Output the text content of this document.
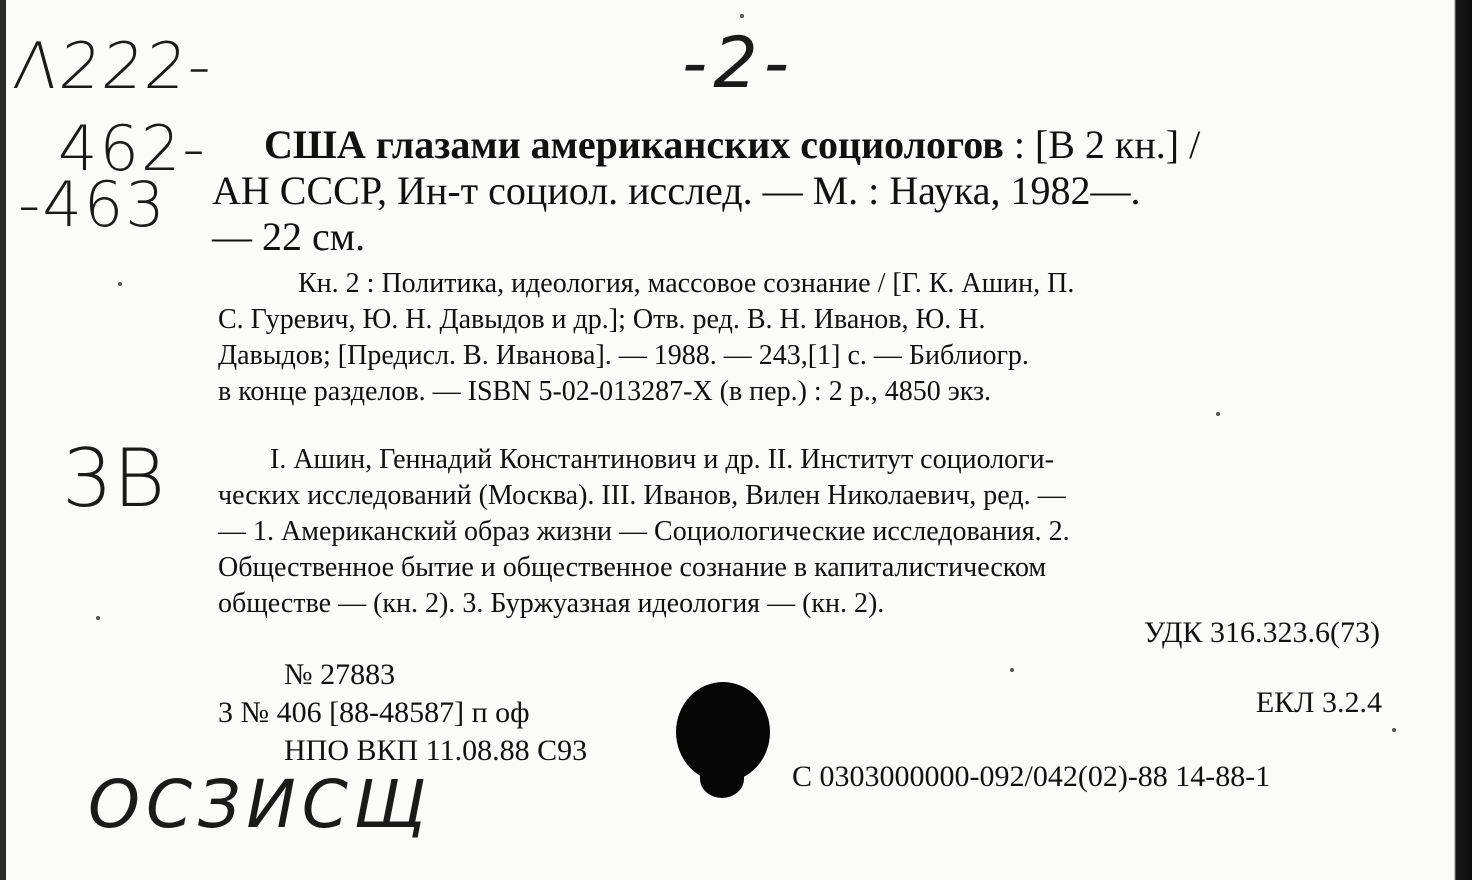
Λ222-
462-
-463
-2-
3B
ОСЗИСЩ
США глазами американских социологов : [В 2 кн.] /
АН СССР, Ин-т социол. исслед. — М. : Наука, 1982—.
— 22 см.
Кн. 2 : Политика, идеология, массовое сознание / [Г. К. Ашин, П.
С. Гуревич, Ю. Н. Давыдов и др.]; Отв. ред. В. Н. Иванов, Ю. Н.
Давыдов; [Предисл. В. Иванова]. — 1988. — 243,[1] с. — Библиогр.
в конце разделов. — ISBN 5-02-013287-X (в пер.) : 2 р., 4850 экз.
I. Ашин, Геннадий Константинович и др. II. Институт социологи-
ческих исследований (Москва). III. Иванов, Вилен Николаевич, ред. —
— 1. Американский образ жизни — Социологические исследования. 2.
Общественное бытие и общественное сознание в капиталистическом
обществе — (кн. 2). 3. Буржуазная идеология — (кн. 2).
УДК 316.323.6(73)
№ 27883
3 № 406 [88-48587] п оф
НПО ВКП 11.08.88 С93
ЕКЛ 3.2.4
С 0303000000-092/042(02)-88 14-88-1
